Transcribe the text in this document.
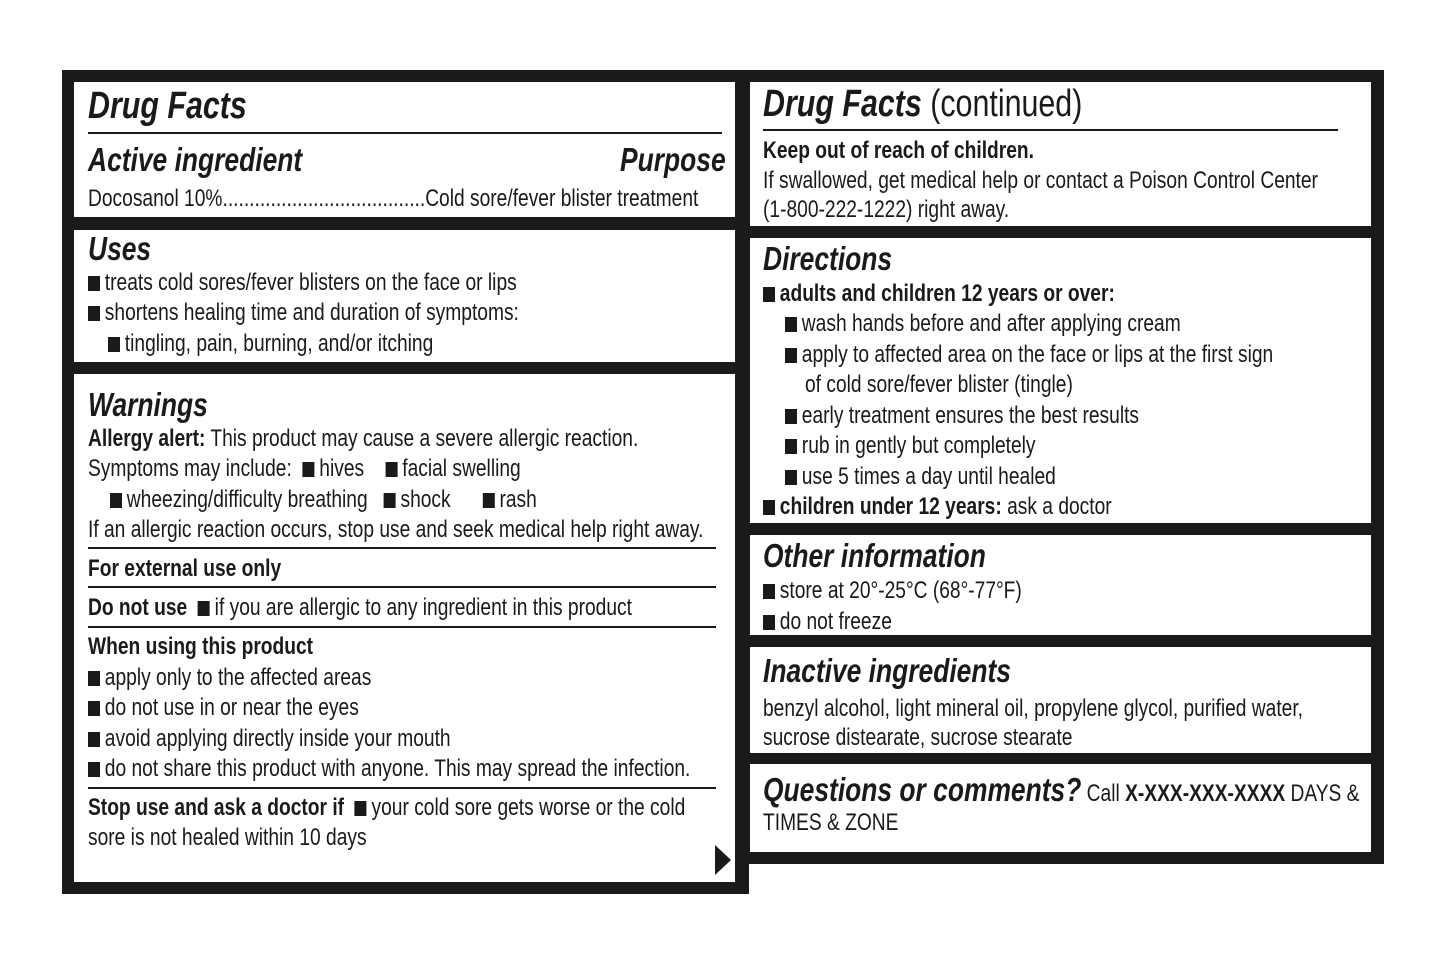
Drug Facts
Active ingredient	Purpose
Docosanol 10%......................................Cold sore/fever blister treatment
Uses
treats cold sores/fever blisters on the face or lips
shortens healing time and duration of symptoms:
tingling, pain, burning, and/or itching
Warnings
Allergy alert: This product may cause a severe allergic reaction.
Symptoms may include: hives facial swelling
wheezing/difficulty breathing shock rash
If an allergic reaction occurs, stop use and seek medical help right away.
For external use only
Do not use if you are allergic to any ingredient in this product
When using this product
apply only to the affected areas
do not use in or near the eyes
avoid applying directly inside your mouth
do not share this product with anyone. This may spread the infection.
Stop use and ask a doctor if your cold sore gets worse or the cold
sore is not healed within 10 days
Drug Facts (continued)
Keep out of reach of children.
If swallowed, get medical help or contact a Poison Control Center
(1-800-222-1222) right away.
Directions
adults and children 12 years or over:
wash hands before and after applying cream
apply to affected area on the face or lips at the first sign
of cold sore/fever blister (tingle)
early treatment ensures the best results
rub in gently but completely
use 5 times a day until healed
children under 12 years: ask a doctor
Other information
store at 20°-25°C (68°-77°F)
do not freeze
Inactive ingredients
benzyl alcohol, light mineral oil, propylene glycol, purified water,
sucrose distearate, sucrose stearate
Questions or comments? Call X-XXX-XXX-XXXX DAYS &
TIMES & ZONE
